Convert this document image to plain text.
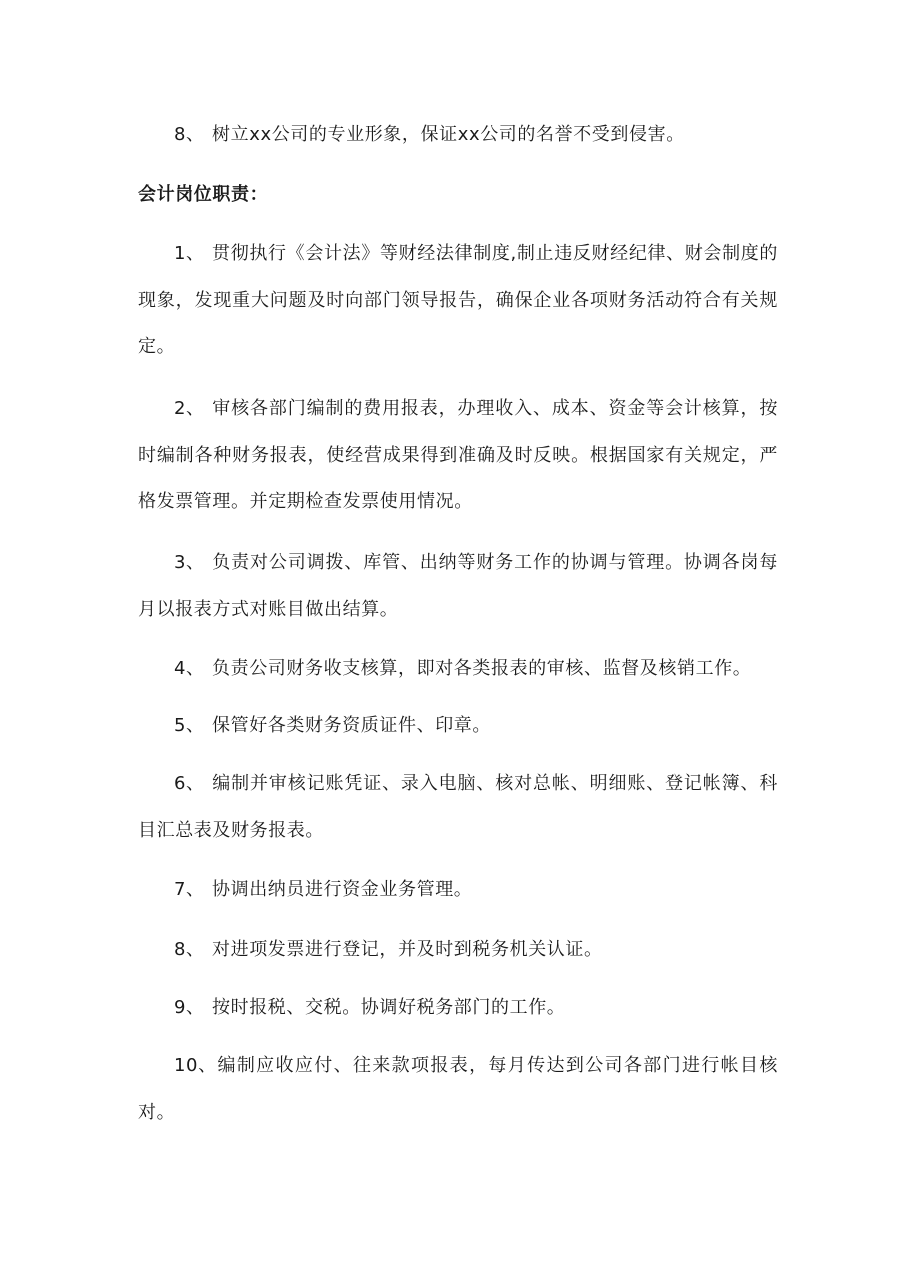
8、 树立xx公司的专业形象，保证xx公司的名誉不受到侵害。

会计岗位职责：

1、 贯彻执行《会计法》等财经法律制度,制止违反财经纪律、财会制度的现象，发现重大问题及时向部门领导报告，确保企业各项财务活动符合有关规定。

2、 审核各部门编制的费用报表，办理收入、成本、资金等会计核算，按时编制各种财务报表，使经营成果得到准确及时反映。根据国家有关规定，严格发票管理。并定期检查发票使用情况。

3、 负责对公司调拨、库管、出纳等财务工作的协调与管理。协调各岗每月以报表方式对账目做出结算。

4、 负责公司财务收支核算，即对各类报表的审核、监督及核销工作。

5、 保管好各类财务资质证件、印章。

6、 编制并审核记账凭证、录入电脑、核对总帐、明细账、登记帐簿、科目汇总表及财务报表。

7、 协调出纳员进行资金业务管理。

8、 对进项发票进行登记，并及时到税务机关认证。

9、 按时报税、交税。协调好税务部门的工作。

10、编制应收应付、往来款项报表，每月传达到公司各部门进行帐目核对。
